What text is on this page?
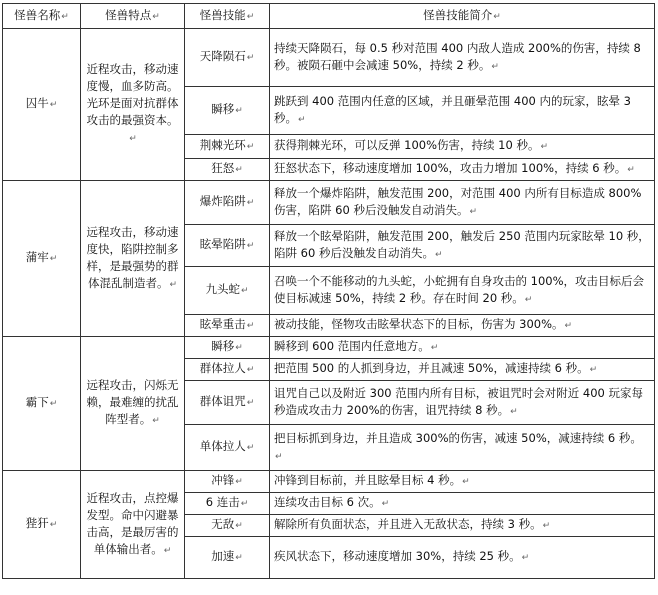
怪兽名称↵	怪兽特点↵	怪兽技能↵	怪兽技能简介↵
囚牛↵	近程攻击，移动速度慢，血多防高。光环是面对抗群体攻击的最强资本。↵	天降陨石↵	持续天降陨石，每 0.5 秒对范围 400 内敌人造成 200%的伤害，持续 8 秒。被陨石砸中会减速 50%，持续 2 秒。↵
		瞬移↵	跳跃到 400 范围内任意的区域，并且砸晕范围 400 内的玩家，眩晕 3 秒。↵
		荆棘光环↵	获得荆棘光环，可以反弹 100%伤害，持续 10 秒。↵
		狂怒↵	狂怒状态下，移动速度增加 100%，攻击力增加 100%，持续 6 秒。↵
蒲牢↵	远程攻击，移动速度快，陷阱控制多样，是最强势的群体混乱制造者。↵	爆炸陷阱↵	释放一个爆炸陷阱，触发范围 200，对范围 400 内所有目标造成 800%伤害，陷阱 60 秒后没触发自动消失。↵
		眩晕陷阱↵	释放一个眩晕陷阱，触发范围 200，触发后 250 范围内玩家眩晕 10 秒，陷阱 60 秒后没触发自动消失。↵
		九头蛇↵	召唤一个不能移动的九头蛇，小蛇拥有自身攻击的 100%，攻击目标后会使目标减速 50%，持续 2 秒。存在时间 20 秒。↵
		眩晕重击↵	被动技能，怪物攻击眩晕状态下的目标，伤害为 300%。↵
霸下↵	远程攻击，闪烁无赖，最难缠的扰乱阵型者。↵	瞬移↵	瞬移到 600 范围内任意地方。↵
		群体拉人↵	把范围 500 的人抓到身边，并且减速 50%，减速持续 6 秒。↵
		群体诅咒↵	诅咒自己以及附近 300 范围内所有目标，被诅咒时会对附近 400 玩家每秒造成攻击力 200%的伤害，诅咒持续 8 秒。↵
		单体拉人↵	把目标抓到身边，并且造成 300%的伤害，减速 50%，减速持续 6 秒。↵
狴犴↵	近程攻击，点控爆发型。命中闪避暴击高，是最厉害的单体输出者。↵	冲锋↵	冲锋到目标前，并且眩晕目标 4 秒。↵
		6 连击↵	连续攻击目标 6 次。↵
		无敌↵	解除所有负面状态，并且进入无敌状态，持续 3 秒。↵
		加速↵	疾风状态下，移动速度增加 30%，持续 25 秒。↵
